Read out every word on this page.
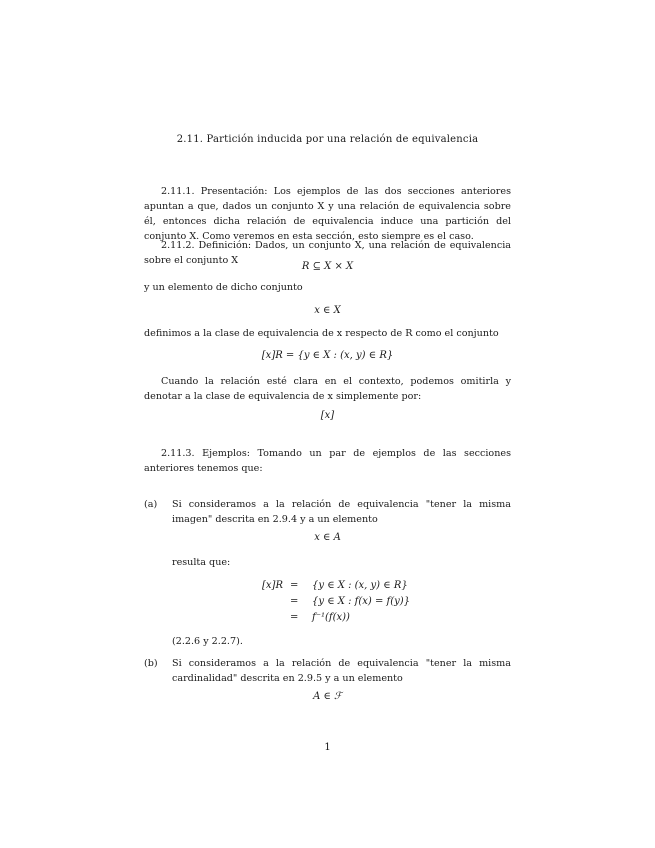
2.11. Partición inducida por una relación de equivalencia
2.11.1. Presentación: Los ejemplos de las dos secciones anteriores apuntan a que, dados un conjunto X y una relación de equivalencia sobre él, entonces dicha relación de equivalencia induce una partición del conjunto X. Como veremos en esta sección, esto siempre es el caso.
2.11.2. Definición: Dados, un conjunto X, una relación de equivalencia sobre el conjunto X
R ⊆ X × X
y un elemento de dicho conjunto
x ∈ X
definimos a la clase de equivalencia de x respecto de R como el conjunto
[x]R = {y ∈ X : (x, y) ∈ R}
Cuando la relación esté clara en el contexto, podemos omitirla y denotar a la clase de equivalencia de x simplemente por:
[x]
2.11.3. Ejemplos: Tomando un par de ejemplos de las secciones anteriores tenemos que:
(a) Si consideramos a la relación de equivalencia "tener la misma imagen" descrita en 2.9.4 y a un elemento
x ∈ A
resulta que:
[x]R = {y ∈ X : (x, y) ∈ R}
= {y ∈ X : f(x) = f(y)}
= f⁻¹(f(x))
(2.2.6 y 2.2.7).
(b) Si consideramos a la relación de equivalencia "tener la misma cardinalidad" descrita en 2.9.5 y a un elemento
A ∈ ℱ
1
